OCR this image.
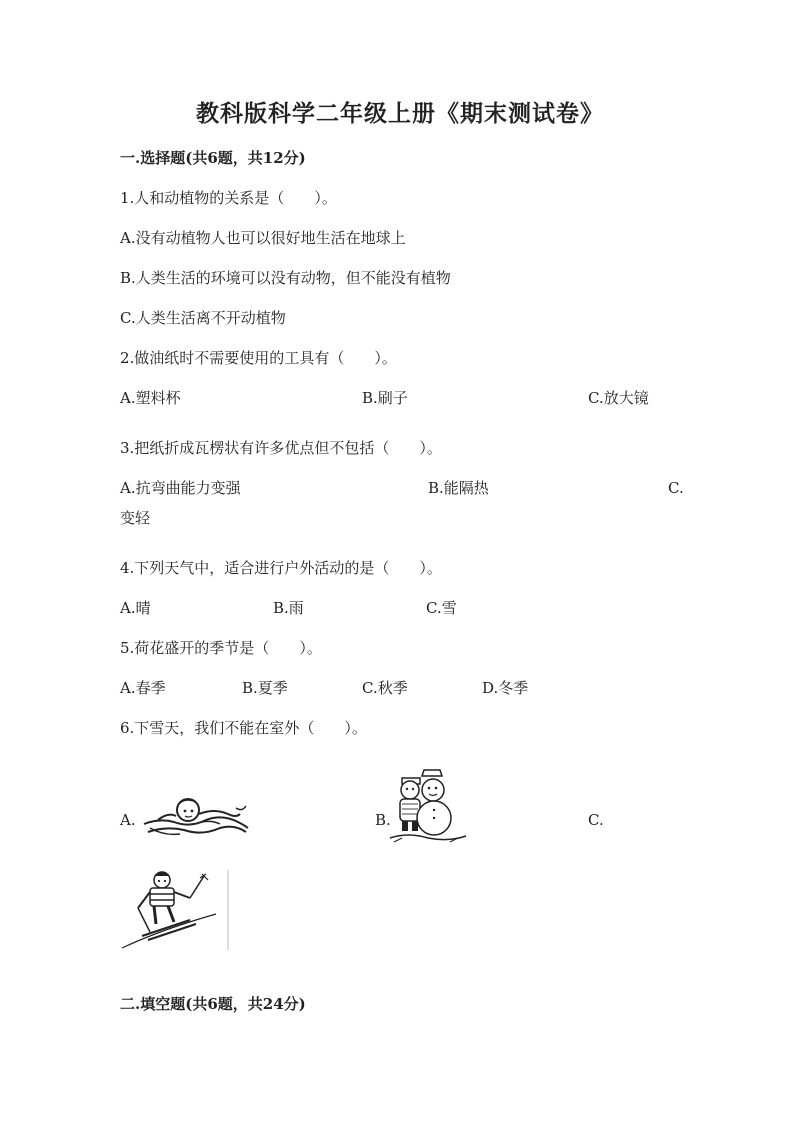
教科版科学二年级上册《期末测试卷》
一.选择题(共6题，共12分)
1.人和动植物的关系是（　　）。
A.没有动植物人也可以很好地生活在地球上
B.人类生活的环境可以没有动物，但不能没有植物
C.人类生活离不开动植物
2.做油纸时不需要使用的工具有（　　）。
A.塑料杯	B.刷子	C.放大镜
3.把纸折成瓦楞状有许多优点但不包括（　　）。
A.抗弯曲能力变强	B.能隔热	C.
变轻
4.下列天气中，适合进行户外活动的是（　　）。
A.晴	B.雨	C.雪
5.荷花盛开的季节是（　　）。
A.春季	B.夏季	C.秋季	D.冬季
6.下雪天，我们不能在室外（　　）。
A.	B.	C.
二.填空题(共6题，共24分)
